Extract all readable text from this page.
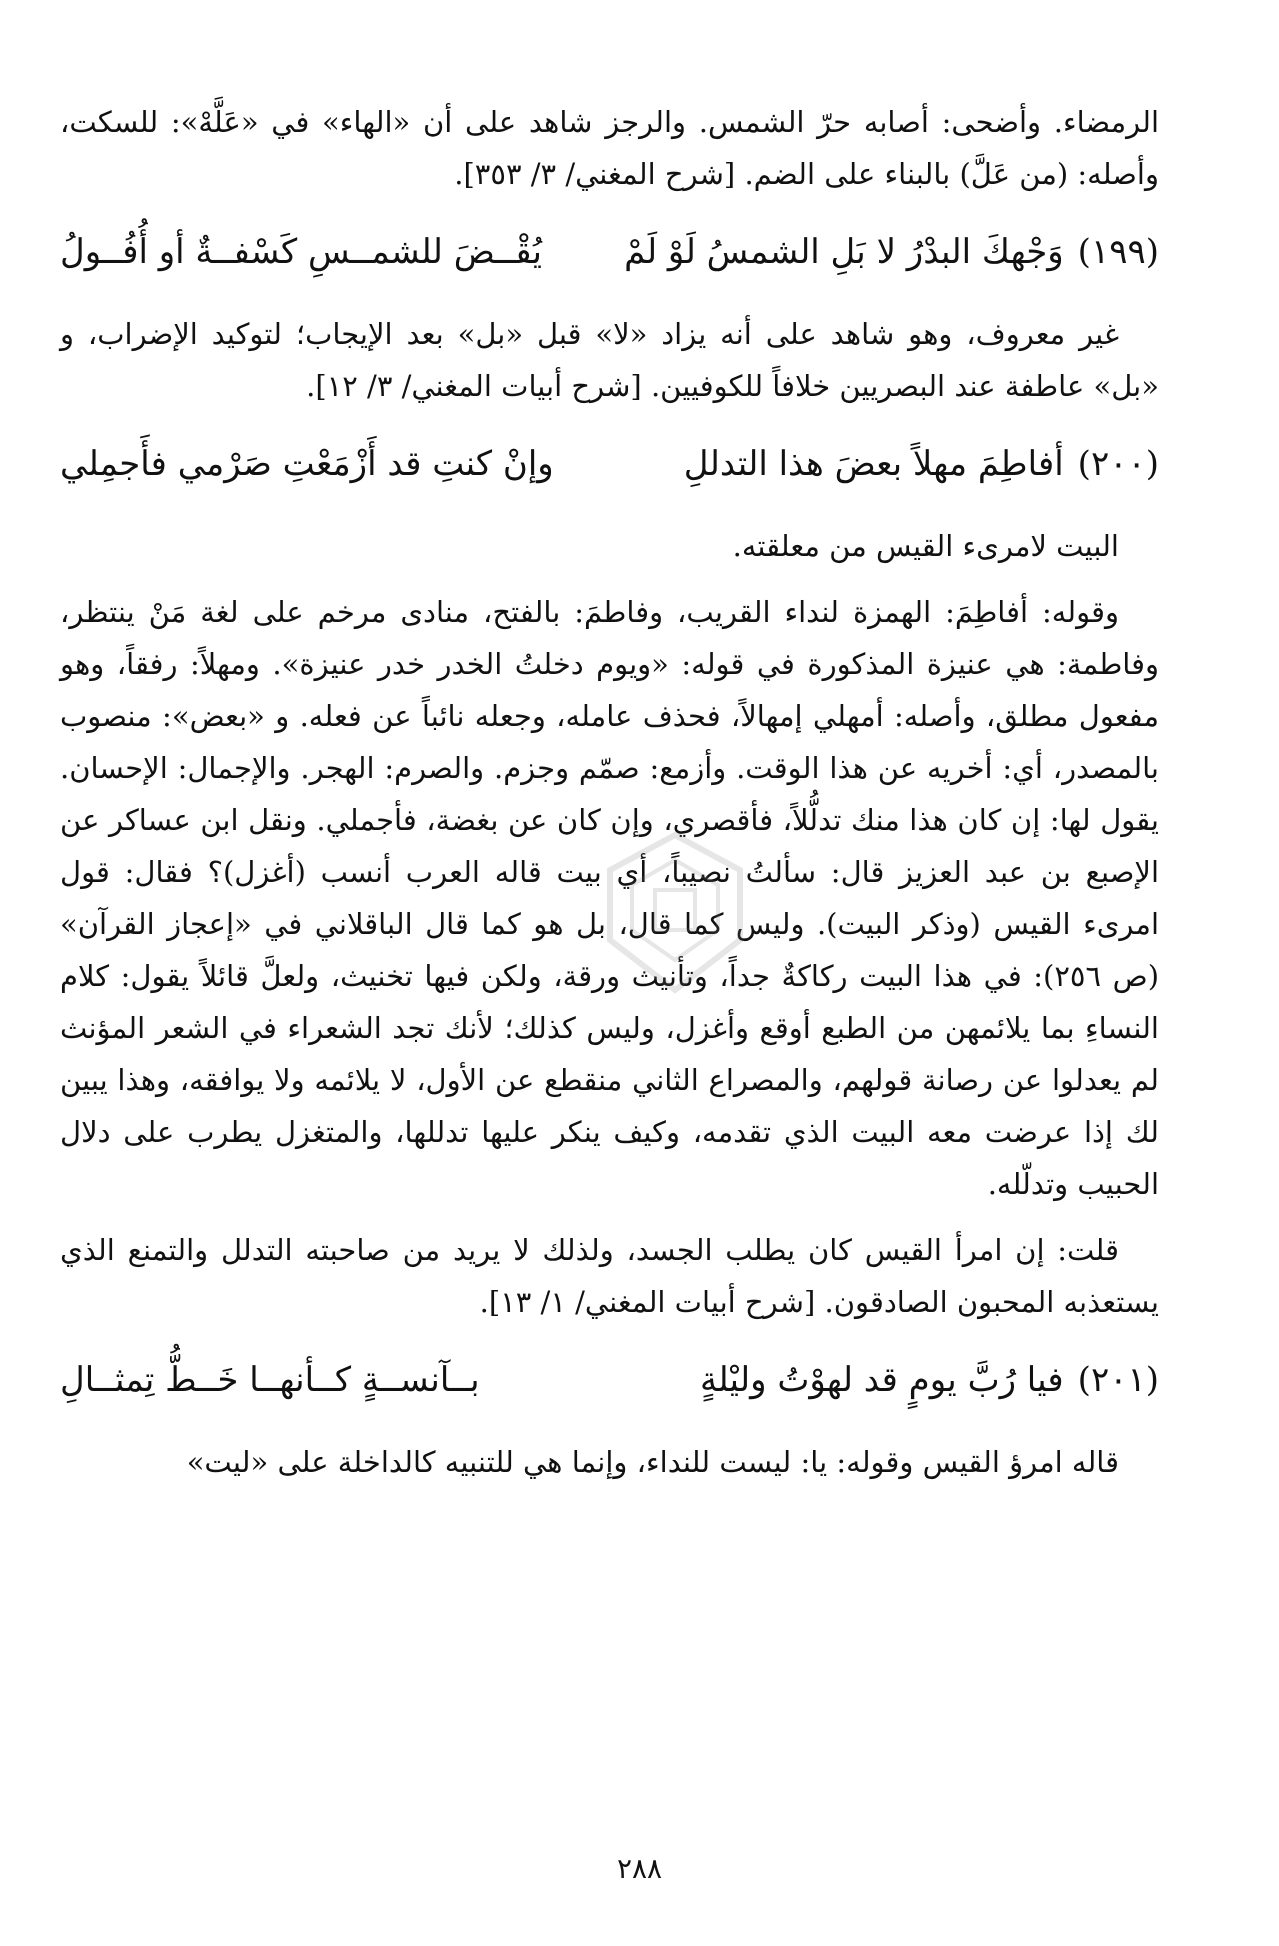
الرمضاء. وأضحى: أصابه حرّ الشمس. والرجز شاهد على أن «الهاء» في «عَلَّهْ»: للسكت، وأصله: (من عَلَّ) بالبناء على الضم. [شرح المغني/ ٣/ ٣٥٣].

(١٩٩)وَجْهكَ البدْرُ لا بَلِ الشمسُ لَوْ لَمْ
يُقْــضَ للشمــسِ كَسْفــةٌ أو أُفُــولُ

غير معروف، وهو شاهد على أنه يزاد «لا» قبل «بل» بعد الإيجاب؛ لتوكيد الإضراب، و «بل» عاطفة عند البصريين خلافاً للكوفيين. [شرح أبيات المغني/ ٣/ ١٢].

(٢٠٠)أفاطِمَ مهلاً بعضَ هذا التدللِ
وإنْ كنتِ قد أَزْمَعْتِ صَرْمي فأَجمِلي

البيت لامرىء القيس من معلقته.

وقوله: أفاطِمَ: الهمزة لنداء القريب، وفاطمَ: بالفتح، منادى مرخم على لغة مَنْ ينتظر، وفاطمة: هي عنيزة المذكورة في قوله: «ويوم دخلتُ الخدر خدر عنيزة». ومهلاً: رفقاً، وهو مفعول مطلق، وأصله: أمهلي إمهالاً، فحذف عامله، وجعله نائباً عن فعله. و «بعض»: منصوب بالمصدر، أي: أخريه عن هذا الوقت. وأزمع: صمّم وجزم. والصرم: الهجر. والإجمال: الإحسان. يقول لها: إن كان هذا منك تدلُّلاً، فأقصري، وإن كان عن بغضة، فأجملي. ونقل ابن عساكر عن الإصبع بن عبد العزيز قال: سألتُ نصيباً، أي بيت قاله العرب أنسب (أغزل)؟ فقال: قول امرىء القيس (وذكر البيت). وليس كما قال، بل هو كما قال الباقلاني في «إعجاز القرآن» (ص ٢٥٦): في هذا البيت ركاكةٌ جداً، وتأنيث ورقة، ولكن فيها تخنيث، ولعلَّ قائلاً يقول: كلام النساءِ بما يلائمهن من الطبع أوقع وأغزل، وليس كذلك؛ لأنك تجد الشعراء في الشعر المؤنث لم يعدلوا عن رصانة قولهم، والمصراع الثاني منقطع عن الأول، لا يلائمه ولا يوافقه، وهذا يبين لك إذا عرضت معه البيت الذي تقدمه، وكيف ينكر عليها تدللها، والمتغزل يطرب على دلال الحبيب وتدلّله.

قلت: إن امرأ القيس كان يطلب الجسد، ولذلك لا يريد من صاحبته التدلل والتمنع الذي يستعذبه المحبون الصادقون. [شرح أبيات المغني/ ١/ ١٣].

(٢٠١)فيا رُبَّ يومٍ قد لهوْتُ وليْلةٍ
بــآنســةٍ كــأنهــا خَــطُّ تِمثــالِ

قاله امرؤ القيس وقوله: يا: ليست للنداء، وإنما هي للتنبيه كالداخلة على «ليت»

٢٨٨
